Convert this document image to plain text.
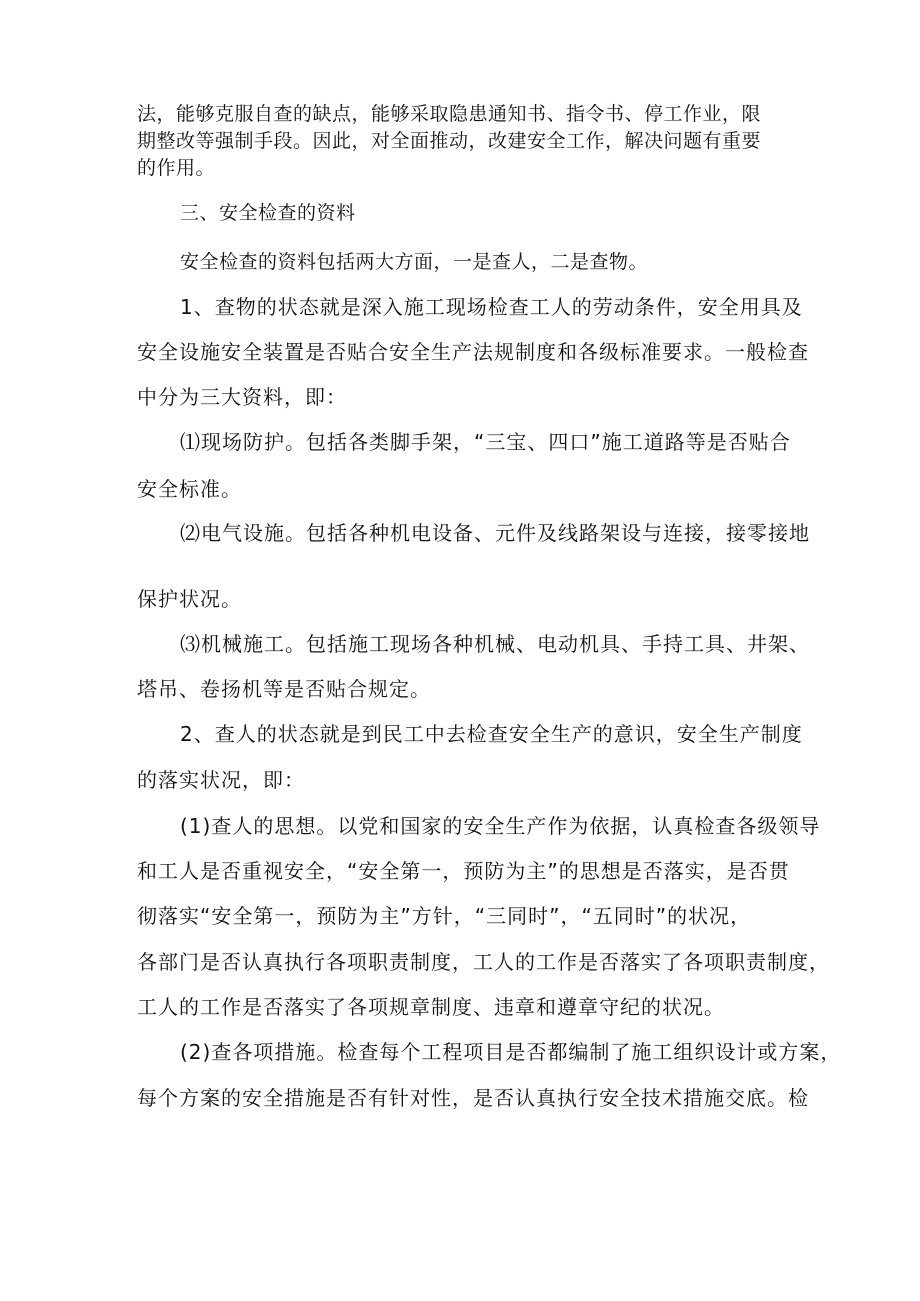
法，能够克服自查的缺点，能够采取隐患通知书、指令书、停工作业，限
期整改等强制手段。因此，对全面推动，改建安全工作，解决问题有重要
的作用。
三、安全检查的资料
安全检查的资料包括两大方面，一是查人，二是查物。
1、查物的状态就是深入施工现场检查工人的劳动条件，安全用具及
安全设施安全装置是否贴合安全生产法规制度和各级标准要求。一般检查
中分为三大资料，即：
⑴现场防护。包括各类脚手架，“三宝、四口”施工道路等是否贴合
安全标准。
⑵电气设施。包括各种机电设备、元件及线路架设与连接，接零接地
保护状况。
⑶机械施工。包括施工现场各种机械、电动机具、手持工具、井架、
塔吊、卷扬机等是否贴合规定。
2、查人的状态就是到民工中去检查安全生产的意识，安全生产制度
的落实状况，即：
(1)查人的思想。以党和国家的安全生产作为依据，认真检查各级领导
和工人是否重视安全，“安全第一，预防为主”的思想是否落实，是否贯
彻落实“安全第一，预防为主”方针，“三同时”，“五同时”的状况，
各部门是否认真执行各项职责制度，工人的工作是否落实了各项职责制度，
工人的工作是否落实了各项规章制度、违章和遵章守纪的状况。
(2)查各项措施。检查每个工程项目是否都编制了施工组织设计或方案，
每个方案的安全措施是否有针对性，是否认真执行安全技术措施交底。检
